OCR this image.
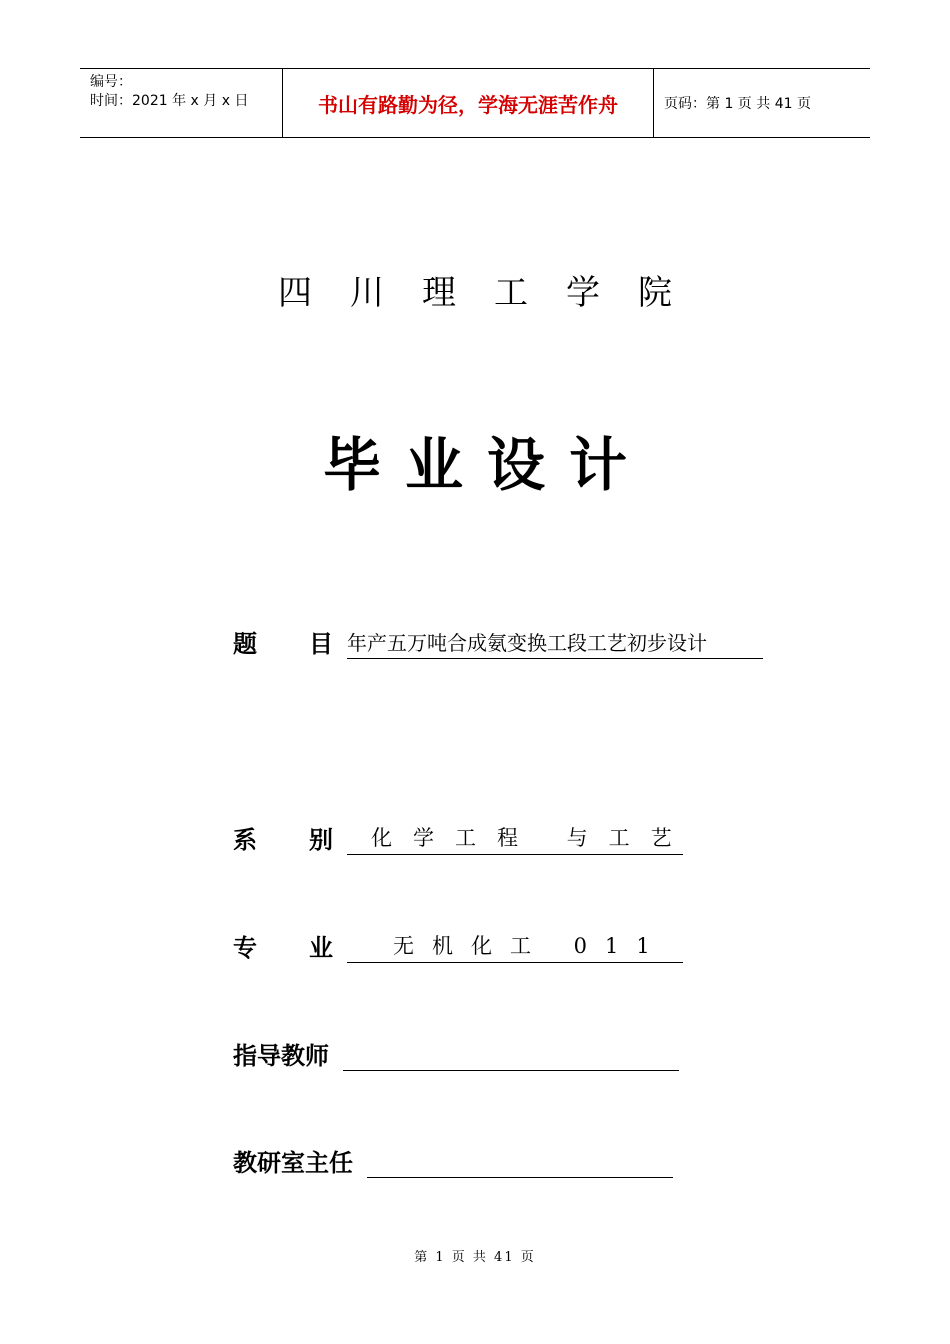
编号：
时间：2021 年 x 月 x 日	书山有路勤为径，学海无涯苦作舟	页码：第 1 页 共 41 页
四川理工学院
毕业设计
题 目 年产五万吨合成氨变换工段工艺初步设计
系 别	化学工程 与工艺
专 业	无机化工 011
指导教师
教研室主任
第 1 页 共 41 页
